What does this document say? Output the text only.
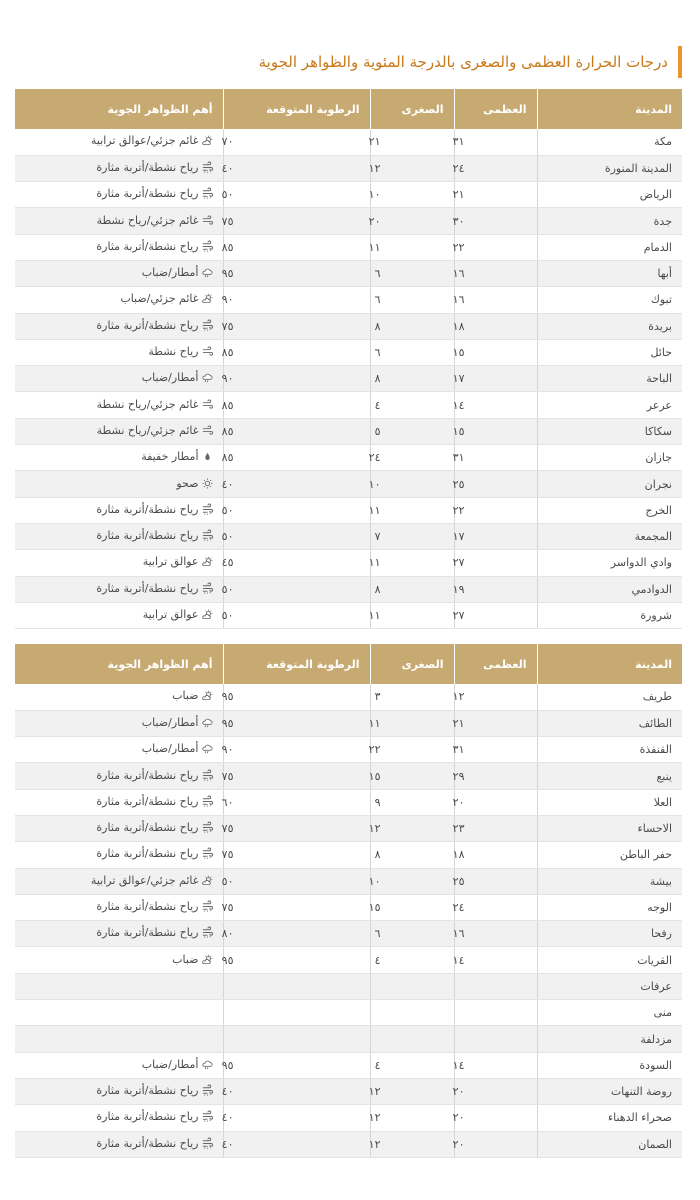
درجات الحرارة العظمى والصغرى بالدرجة المئوية والظواهر الجوية
المدينة	العظمى	الصغرى	الرطوبة المتوقعة	أهم الظواهر الجوية
مكة	٣١	٢١	٧٠	غائم جزئي/عوالق ترابية

المدينة المنورة	٢٤	١٢	٤٠	رياح نشطة/أتربة مثارة

الرياض	٢١	١٠	٥٠	رياح نشطة/أتربة مثارة

جدة	٣٠	٢٠	٧٥	غائم جزئي/رياح نشطة

الدمام	٢٢	١١	٨٥	رياح نشطة/أتربة مثارة

أبها	١٦	٦	٩٥	أمطار/ضباب

تبوك	١٦	٦	٩٠	غائم جزئي/ضباب

بريدة	١٨	٨	٧٥	رياح نشطة/أتربة مثارة

حائل	١٥	٦	٨٥	رياح نشطة

الباحة	١٧	٨	٩٠	أمطار/ضباب

عرعر	١٤	٤	٨٥	غائم جزئي/رياح نشطة

سكاكا	١٥	٥	٨٥	غائم جزئي/رياح نشطة

جازان	٣١	٢٤	٨٥	أمطار خفيفة

نجران	٢٥	١٠	٤٠	صحو

الخرج	٢٢	١١	٥٠	رياح نشطة/أتربة مثارة

المجمعة	١٧	٧	٥٠	رياح نشطة/أتربة مثارة

وادي الدواسر	٢٧	١١	٤٥	عوالق ترابية

الدوادمي	١٩	٨	٥٠	رياح نشطة/أتربة مثارة

شرورة	٢٧	١١	٥٠	عوالق ترابية
المدينة	العظمى	الصغرى	الرطوبة المتوقعة	أهم الظواهر الجوية
طريف	١٢	٣	٩٥	ضباب

الطائف	٢١	١١	٩٥	أمطار/ضباب

القنفذة	٣١	٢٢	٩٠	أمطار/ضباب

ينبع	٢٩	١٥	٧٥	رياح نشطة/أتربة مثارة

العلا	٢٠	٩	٦٠	رياح نشطة/أتربة مثارة

الاحساء	٢٣	١٢	٧٥	رياح نشطة/أتربة مثارة

حفر الباطن	١٨	٨	٧٥	رياح نشطة/أتربة مثارة

بيشة	٢٥	١٠	٥٠	غائم جزئي/عوالق ترابية

الوجه	٢٤	١٥	٧٥	رياح نشطة/أتربة مثارة

رفحا	١٦	٦	٨٠	رياح نشطة/أتربة مثارة

القريات	١٤	٤	٩٥	ضباب

عرفات				
منى				
مزدلفة				
السودة	١٤	٤	٩٥	أمطار/ضباب

روضة التنهات	٢٠	١٢	٤٠	رياح نشطة/أتربة مثارة

صحراء الدهناء	٢٠	١٢	٤٠	رياح نشطة/أتربة مثارة

الصمان	٢٠	١٢	٤٠	رياح نشطة/أتربة مثارة
